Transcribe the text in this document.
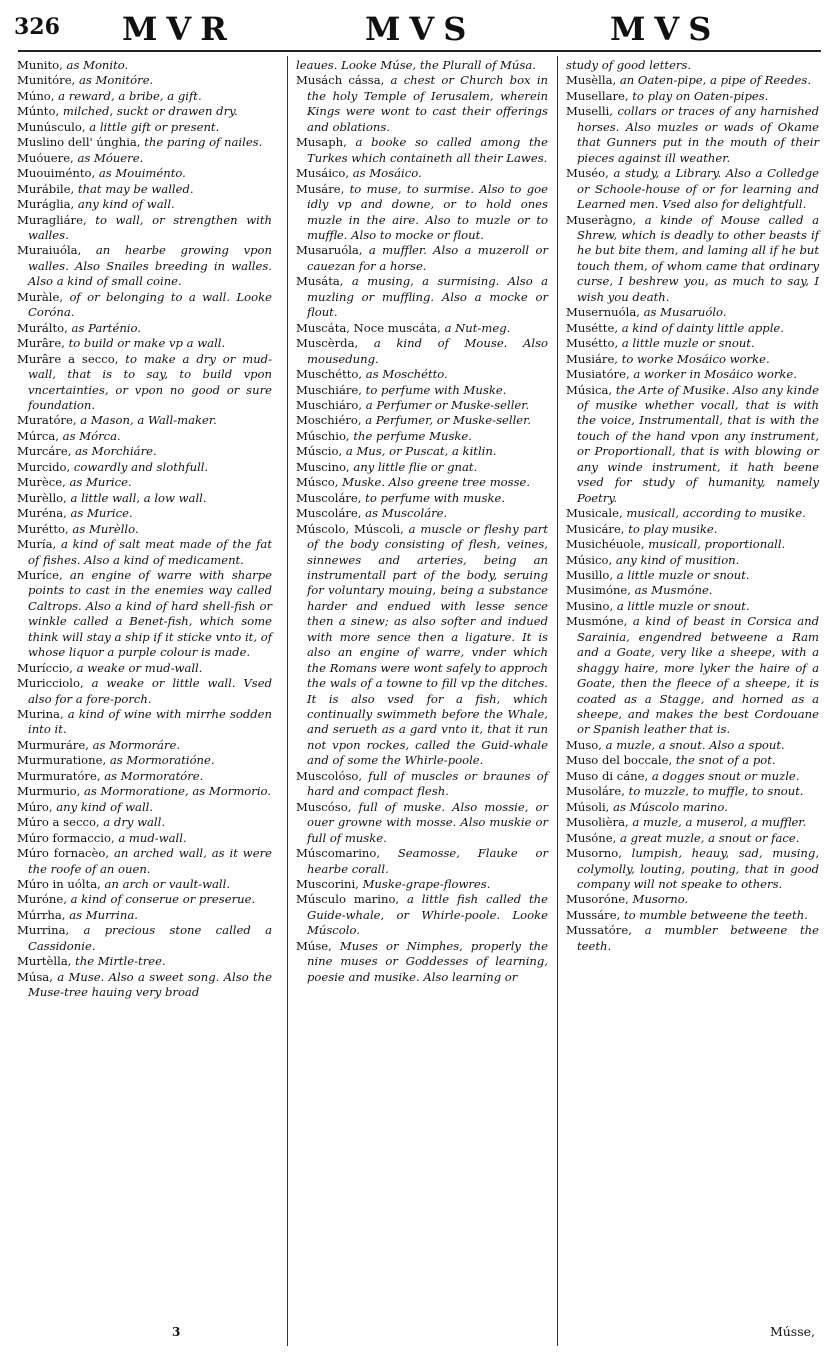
326 MVR	MVS	MVS

Munito, as Monito.

Munitóre, as Monitóre.

Múno, a reward, a bribe, a gift.

Múnto, milched, suckt or drawen dry.

Munúsculo, a little gift or present.

Muslino dell' únghia, the paring of nailes.

Muóuere, as Móuere.

Muouiménto, as Mouiménto.

Murábile, that may be walled.

Muráglia, any kind of wall.

Muragliáre, to wall, or strengthen with walles.

Muraiuóla, an hearbe growing vpon walles. Also Snailes breeding in walles. Also a kind of small coine.

Muràle, of or belonging to a wall. Looke Coróna.

Murálto, as Parténio.

Murâre, to build or make vp a wall.

Murâre a secco, to make a dry or mud-wall, that is to say, to build vpon vncertainties, or vpon no good or sure foundation.

Muratóre, a Mason, a Wall-maker.

Múrca, as Mórca.

Murcáre, as Morchiáre.

Murcido, cowardly and slothfull.

Murèce, as Murice.

Murèllo, a little wall, a low wall.

Muréna, as Murice.

Murétto, as Murèllo.

Muría, a kind of salt meat made of the fat of fishes. Also a kind of medicament.

Muríce, an engine of warre with sharpe points to cast in the enemies way called Caltrops. Also a kind of hard shell-fish or winkle called a Benet-fish, which some think will stay a ship if it sticke vnto it, of whose liquor a purple colour is made.

Muríccio, a weake or mud-wall.

Muricciolo, a weake or little wall. Vsed also for a fore-porch.

Murina, a kind of wine with mirrhe sodden into it.

Murmuráre, as Mormoráre.

Murmuratione, as Mormoratióne.

Murmuratóre, as Mormoratóre.

Murmurio, as Mormoratione, as Mormorio.

Múro, any kind of wall.

Múro a secco, a dry wall.

Múro formaccio, a mud-wall.

Múro fornacèo, an arched wall, as it were the roofe of an ouen.

Múro in uólta, an arch or vault-wall.

Muróne, a kind of conserue or preserue.

Múrrha, as Murrina.

Murrina, a precious stone called a Cassidonie.

Murtèlla, the Mirtle-tree.

Músa, a Muse. Also a sweet song. Also the Muse-tree hauing very broad

leaues. Looke Múse, the Plurall of Músa.

Musách cássa, a chest or Church box in the holy Temple of Ierusalem, wherein Kings were wont to cast their offerings and oblations.

Musaph, a booke so called among the Turkes which containeth all their Lawes.

Musáico, as Mosáico.

Musáre, to muse, to surmise. Also to goe idly vp and downe, or to hold ones muzle in the aire. Also to muzle or to muffle. Also to mocke or flout.

Musaruóla, a muffler. Also a muzeroll or cauezan for a horse.

Musáta, a musing, a surmising. Also a muzling or muffling. Also a mocke or flout.

Muscáta, Noce muscáta, a Nut-meg.

Muscèrda, a kind of Mouse. Also mousedung.

Muschétto, as Moschétto.

Muschiáre, to perfume with Muske.

Muschiáro, a Perfumer or Muske-seller.

Moschiéro, a Perfumer, or Muske-seller.

Múschio, the perfume Muske.

Múscio, a Mus, or Puscat, a kitlin.

Muscino, any little flie or gnat.

Músco, Muske. Also greene tree mosse.

Muscoláre, to perfume with muske.

Muscoláre, as Muscoláre.

Múscolo, Múscoli, a muscle or fleshy part of the body consisting of flesh, veines, sinnewes and arteries, being an instrumentall part of the body, seruing for voluntary mouing, being a substance harder and endued with lesse sence then a sinew; as also softer and indued with more sence then a ligature. It is also an engine of warre, vnder which the Romans were wont safely to approch the wals of a towne to fill vp the ditches. It is also vsed for a fish, which continually swimmeth before the Whale, and serueth as a gard vnto it, that it run not vpon rockes, called the Guid-whale and of some the Whirle-poole.

Muscolóso, full of muscles or braunes of hard and compact flesh.

Muscóso, full of muske. Also mossie, or ouer growne with mosse. Also muskie or full of muske.

Múscomarino, Seamosse, Flauke or hearbe corall.

Muscorini, Muske-grape-flowres.

Músculo marino, a little fish called the Guide-whale, or Whirle-poole. Looke Múscolo.

Múse, Muses or Nimphes, properly the nine muses or Goddesses of learning, poesie and musike. Also learning or

study of good letters.

Musèlla, an Oaten-pipe, a pipe of Reedes.

Musellare, to play on Oaten-pipes.

Muselli, collars or traces of any harnished horses. Also muzles or wads of Okame that Gunners put in the mouth of their pieces against ill weather.

Muséo, a study, a Library. Also a Colledge or Schoole-house of or for learning and Learned men. Vsed also for delightfull.

Museràgno, a kinde of Mouse called a Shrew, which is deadly to other beasts if he but bite them, and laming all if he but touch them, of whom came that ordinary curse, I beshrew you, as much to say, I wish you death.

Musernuóla, as Musaruólo.

Musétte, a kind of dainty little apple.

Musétto, a little muzle or snout.

Musiáre, to worke Mosáico worke.

Musiatóre, a worker in Mosáico worke.

Música, the Arte of Musike. Also any kinde of musike whether vocall, that is with the voice, Instrumentall, that is with the touch of the hand vpon any instrument, or Proportionall, that is with blowing or any winde instrument, it hath beene vsed for study of humanity, namely Poetry.

Musicale, musicall, according to musike.

Musicáre, to play musike.

Musichéuole, musicall, proportionall.

Músico, any kind of musition.

Musillo, a little muzle or snout.

Musimóne, as Musmóne.

Musino, a little muzle or snout.

Musmóne, a kind of beast in Corsica and Sarainia, engendred betweene a Ram and a Goate, very like a sheepe, with a shaggy haire, more lyker the haire of a Goate, then the fleece of a sheepe, it is coated as a Stagge, and horned as a sheepe, and makes the best Cordouane or Spanish leather that is.

Muso, a muzle, a snout. Also a spout.

Muso del boccale, the snot of a pot.

Muso di cáne, a dogges snout or muzle.

Musoláre, to muzzle, to muffle, to snout.

Músoli, as Múscolo marino.

Musolièra, a muzle, a muserol, a muffler.

Musóne, a great muzle, a snout or face.

Musorno, lumpish, heauy, sad, musing, colymolly, louting, pouting, that in good company will not speake to others.

Musoróne, Musorno.

Mussáre, to mumble betweene the teeth.

Mussatóre, a mumbler betweene the teeth.

3	Músse,
